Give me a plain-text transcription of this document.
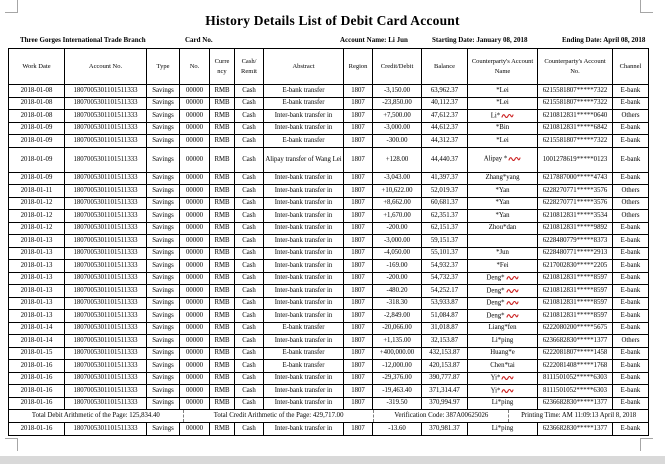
History Details List of Debit Card Account
Three Gorges International Trade Branch	Card No.	Account Name: Li Jun	Starting Date: January 08, 2018	Ending Date: April 08, 2018
Work Date	Account No.	Type	No.	Curre ncy	Cash/ Remit	Abstract	Region	Credit/Debit	Balance	Counterparty's Account Name	Counterparty's Account No.	Channel
2018-01-08	1807005301101511333	Savings	00000	RMB	Cash	E-bank transfer	1807	-3,150.00	63,962.37	*Lei	6215581807*****7322	E-bank
2018-01-08	1807005301101511333	Savings	00000	RMB	Cash	E-bank transfer	1807	-23,850.00	40,112.37	*Lei	6215581807*****7322	E-bank
2018-01-08	1807005301101511333	Savings	00000	RMB	Cash	Inter-bank transfer in	1807	+7,500.00	47,612.37	Li*	6210812831*****0640	Others
2018-01-09	1807005301101511333	Savings	00000	RMB	Cash	Inter-bank transfer in	1807	-3,000.00	44,612.37	*Bin	6210812831*****6842	E-bank
2018-01-09	1807005301101511333	Savings	00000	RMB	Cash	E-bank transfer	1807	-300.00	44,312.37	*Lei	6215581807*****7322	E-bank
2018-01-09	1807005301101511333	Savings	00000	RMB	Cash	Alipay transfer of Wang Lei	1807	+128.00	44,440.37	Alipay *	1001278619*****0123	E-bank
2018-01-09	1807005301101511333	Savings	00000	RMB	Cash	Inter-bank transfer in	1807	-3,043.00	41,397.37	Zhang*yang	6217887000*****4743	E-bank
2018-01-11	1807005301101511333	Savings	00000	RMB	Cash	Inter-bank transfer in	1807	+10,622.00	52,019.37	*Yan	6228270771*****3576	Others
2018-01-12	1807005301101511333	Savings	00000	RMB	Cash	Inter-bank transfer in	1807	+8,662.00	60,681.37	*Yan	6228270771*****3576	Others
2018-01-12	1807005301101511333	Savings	00000	RMB	Cash	Inter-bank transfer in	1807	+1,670.00	62,351.37	*Yan	6210812831*****3534	Others
2018-01-12	1807005301101511333	Savings	00000	RMB	Cash	Inter-bank transfer in	1807	-200.00	62,151.37	Zhou*dan	6210812831*****9892	E-bank
2018-01-13	1807005301101511333	Savings	00000	RMB	Cash	Inter-bank transfer in	1807	-3,000.00	59,151.37		6228480779*****8373	E-bank
2018-01-13	1807005301101511333	Savings	00000	RMB	Cash	Inter-bank transfer in	1807	-4,050.00	55,101.37	*Jun	6228480771*****2913	E-bank
2018-01-13	1807005301101511333	Savings	00000	RMB	Cash	Inter-bank transfer in	1807	-169.00	54,932.37	*Fei	6217002830*****2205	E-bank
2018-01-13	1807005301101511333	Savings	00000	RMB	Cash	Inter-bank transfer in	1807	-200.00	54,732.37	Deng*	6210812831*****8597	E-bank
2018-01-13	1807005301101511333	Savings	00000	RMB	Cash	Inter-bank transfer in	1807	-480.20	54,252.17	Deng*	6210812831*****8597	E-bank
2018-01-13	1807005301101511333	Savings	00000	RMB	Cash	Inter-bank transfer in	1807	-318.30	53,933.87	Deng*	6210812831*****8597	E-bank
2018-01-13	1807005301101511333	Savings	00000	RMB	Cash	Inter-bank transfer in	1807	-2,849.00	51,084.87	Deng*	6210812831*****8597	E-bank
2018-01-14	1807005301101511333	Savings	00000	RMB	Cash	E-bank transfer	1807	-20,066.00	31,018.87	Liang*fen	6222080200*****5675	E-bank
2018-01-14	1807005301101511333	Savings	00000	RMB	Cash	Inter-bank transfer in	1807	+1,135.00	32,153.87	Li*ping	6236682830*****1377	Others
2018-01-15	1807005301101511333	Savings	00000	RMB	Cash	E-bank transfer	1807	+400,000.00	432,153.87	Huang*e	6222081807*****1458	E-bank
2018-01-16	1807005301101511333	Savings	00000	RMB	Cash	E-bank transfer	1807	-12,000.00	420,153.87	Chen*tai	6222081408*****1768	E-bank
2018-01-16	1807005301101511333	Savings	00000	RMB	Cash	Inter-bank transfer in	1807	-29,376.00	390,777.87	Yi*	8111501052*****6303	E-bank
2018-01-16	1807005301101511333	Savings	00000	RMB	Cash	Inter-bank transfer in	1807	-19,463.40	371,314.47	Yi*	8111501052*****6303	E-bank
2018-01-16	1807005301101511333	Savings	00000	RMB	Cash	Inter-bank transfer in	1807	-319.50	370,994.97	Li*ping	6236682830*****1377	E-bank

Total Debit Arithmetic of the Page: 125,834.40 Total Credit Arithmetic of the Page: 429,717.00 Verification Code: 387A00625026 Printing Time: AM 11:09:13 April 8, 2018												

2018-01-16	1807005301101511333	Savings	00000	RMB	Cash	Inter-bank transfer in	1807	-13.60	370,981.37	Li*ping	6236682830*****1377	E-bank
